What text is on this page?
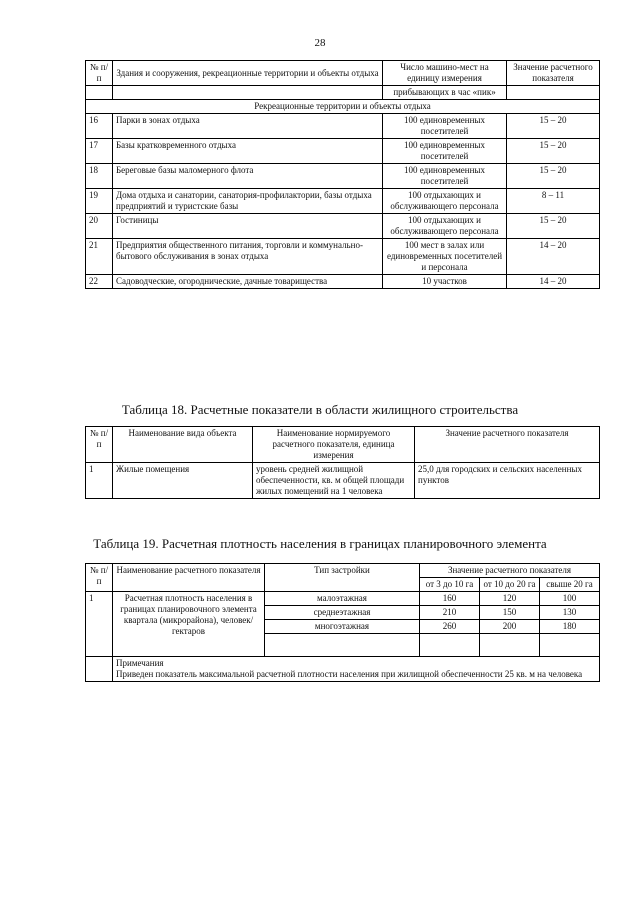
28
№ п/п	Здания и сооружения, рекреационные территории и объекты отдыха	Число машино-мест на единицу измерения	Значение расчетного показателя
		прибывающих в час «пик»	
Рекреационные территории и объекты отдыха			
16	Парки в зонах отдыха	100 единовременных посетителей	15 – 20
17	Базы кратковременного отдыха	100 единовременных посетителей	15 – 20
18	Береговые базы маломерного флота	100 единовременных посетителей	15 – 20
19	Дома отдыха и санатории, санатория-профилактории, базы отдыха предприятий и туристские базы	100 отдыхающих и обслуживающего персонала	8 – 11
20	Гостиницы	100 отдыхающих и обслуживающего персонала	15 – 20
21	Предприятия общественного питания, торговли и коммунально-бытового обслуживания в зонах отдыха	100 мест в залах или единовременных посетителей и персонала	14 – 20
22	Садоводческие, огороднические, дачные товарищества	10 участков	14 – 20
Таблица 18. Расчетные показатели в области жилищного строительства
№ п/п	Наименование вида объекта	Наименование нормируемого расчетного показателя, единица измерения	Значение расчетного показателя
1	Жилые помещения	уровень средней жилищной обеспеченности, кв. м общей площади жилых помещений на 1 человека	25,0 для городских и сельских населенных пунктов
Таблица 19. Расчетная плотность населения в границах планировочного элемента
№ п/п	Наименование расчетного показателя	Тип застройки	Значение расчетного показателя		
			от 3 до 10 га	от 10 до 20 га	свыше 20 га
1	Расчетная плотность населения в границах планировочного элемента квартала (микрорайона), человек/гектаров	малоэтажная	160	120	100
		среднеэтажная	210	150	130
		многоэтажная	260	200	180

	Примечания
Приведен показатель максимальной расчетной плотности населения при жилищной обеспеченности 25 кв. м на человека				
